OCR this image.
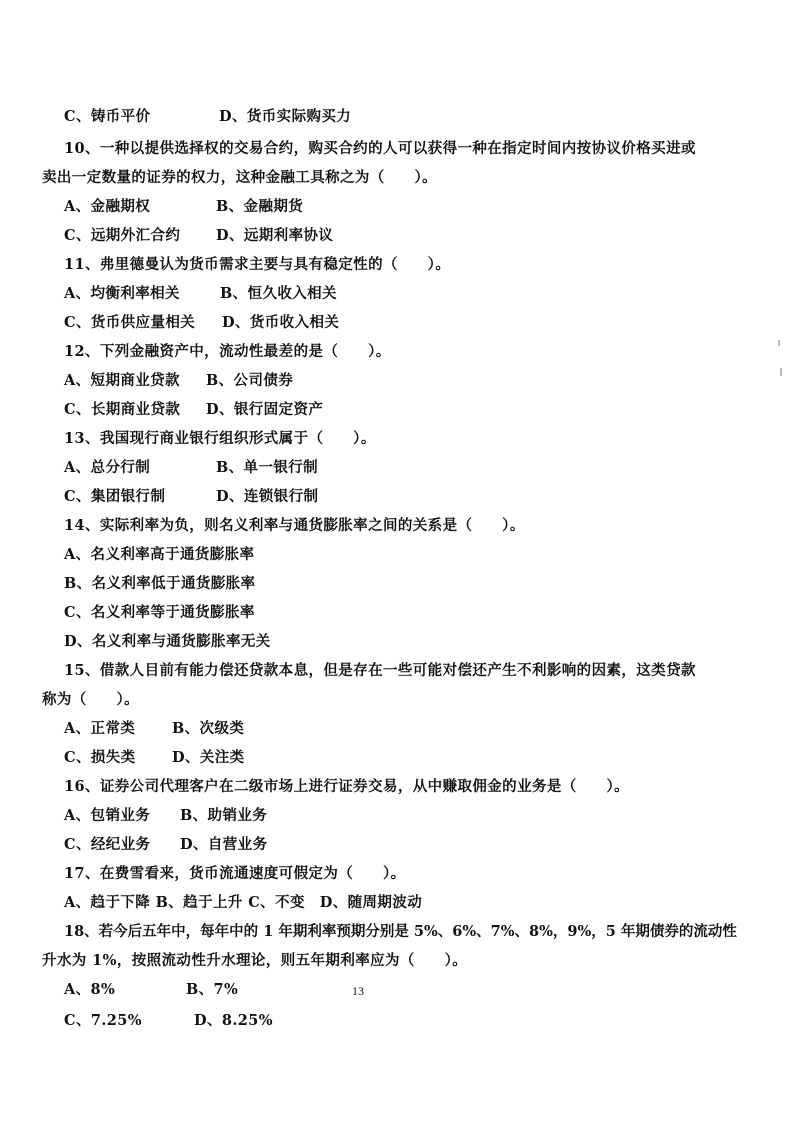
C、铸币平价	D、货币实际购买力
10、一种以提供选择权的交易合约，购买合约的人可以获得一种在指定时间内按协议价格买进或
卖出一定数量的证券的权力，这种金融工具称之为（　　）。
A、金融期权	B、金融期货
C、远期外汇合约 D、远期利率协议
11、弗里德曼认为货币需求主要与具有稳定性的（　　）。
A、均衡利率相关	B、恒久收入相关
C、货币供应量相关 D、货币收入相关
12、下列金融资产中，流动性最差的是（　　）。
A、短期商业贷款 B、公司债券
C、长期商业贷款 D、银行固定资产
13、我国现行商业银行组织形式属于（　　）。
A、总分行制	B、单一银行制
C、集团银行制	D、连锁银行制
14、实际利率为负，则名义利率与通货膨胀率之间的关系是（　　）。
A、名义利率高于通货膨胀率
B、名义利率低于通货膨胀率
C、名义利率等于通货膨胀率
D、名义利率与通货膨胀率无关
15、借款人目前有能力偿还贷款本息，但是存在一些可能对偿还产生不利影响的因素，这类贷款
称为（　　）。
A、正常类	B、次级类
C、损失类	D、关注类
16、证券公司代理客户在二级市场上进行证券交易，从中赚取佣金的业务是（　　）。
A、包销业务 B、助销业务
C、经纪业务 D、自营业务
17、在费雪看来，货币流通速度可假定为（　　）。
A、趋于下降 B、趋于上升 C、不变　D、随周期波动
18、若今后五年中，每年中的 1 年期利率预期分别是 5%、6%、7%、8%，9%，5 年期债券的流动性
升水为 1%，按照流动性升水理论，则五年期利率应为（　　）。
A、8%	B、7%
C、7.25%	D、8.25%
13
